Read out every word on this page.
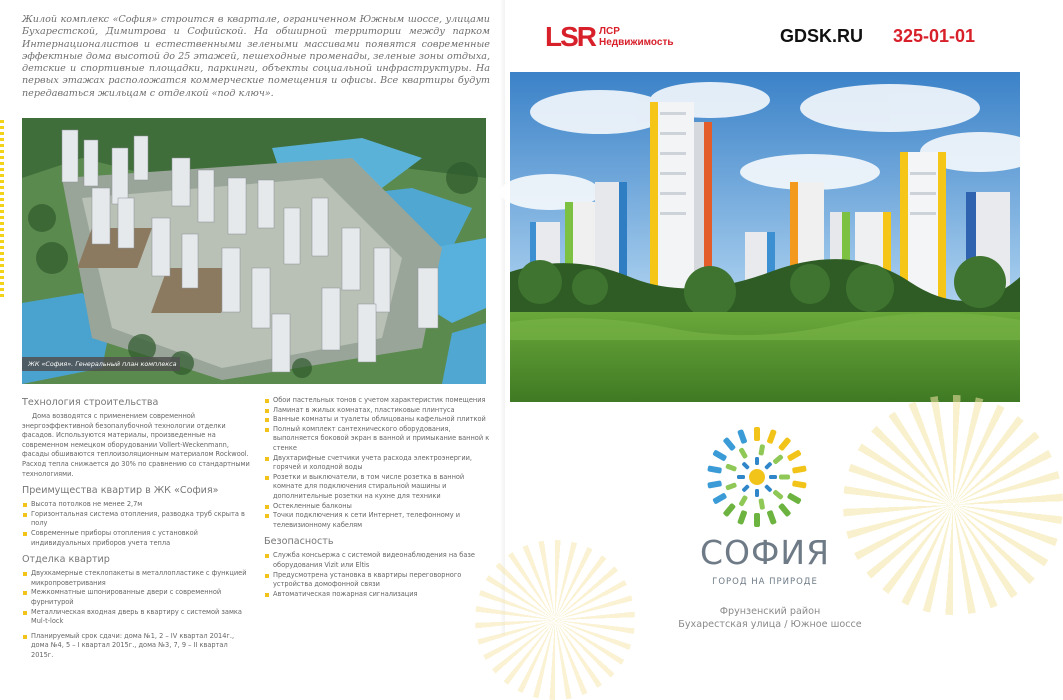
Жилой комплекс «София» строится в квартале, ограниченном Южным шоссе, улицами Бухарестской, Димитрова и Софийской. На обширной территории между парком Интернационалистов и естественными зелеными массивами появятся современные эффектные дома высотой до 25 этажей, пешеходные променады, зеленые зоны отдыха, детские и спортивные площадки, паркинги, объекты социальной инфраструктуры. На первых этажах расположатся коммерческие помещения и офисы. Все квартиры будут передаваться жильцам с отделкой «под ключ».

ЖК «София». Генеральный план комплекса
Технология строительства

Дома возводятся с применением современной энергоэффективной безопалубочной технологии отделки фасадов. Используются материалы, произведенные на современном немецком оборудовании Vollert-Weckenmann, фасады обшиваются теплоизоляционным материалом Rockwool. Расход тепла снижается до 30% по сравнению со стандартными технологиями.

Преимущества квартир в ЖК «София»
Высота потолков не менее 2,7м
Горизонтальная система отопления, разводка труб скрыта в полу
Современные приборы отопления с установкой индивидуальных приборов учета тепла
Отделка квартир
Двухкамерные стеклопакеты в металлопластике с функцией микропроветривания
Межкомнатные шпонированные двери с современной фурнитурой
Металлическая входная дверь в квартиру с системой замка Mul-t-lock
Планируемый срок сдачи: дома №1, 2 – IV квартал 2014г., дома №4, 5 – I квартал 2015г., дома №3, 7, 9 – II квартал 2015г.
Обои пастельных тонов с учетом характеристик помещения
Ламинат в жилых комнатах, пластиковые плинтуса
Ванные комнаты и туалеты облицованы кафельной плиткой
Полный комплект сантехнического оборудования, выполняется боковой экран в ванной и примыкание ванной к стенке
Двухтарифные счетчики учета расхода электроэнергии, горячей и холодной воды
Розетки и выключатели, в том числе розетка в ванной комнате для подключения стиральной машины и дополнительные розетки на кухне для техники
Остекленные балконы
Точки подключения к сети Интернет, телефонному и телевизионному кабелям
Безопасность
Служба консьержа с системой видеонаблюдения на базе оборудования Vizit или Eltis
Предусмотрена установка в квартиры переговорного устройства домофонной связи
Автоматическая пожарная сигнализация
LSR ЛСР
Недвижимость	GDSK.RU 325-01-01
СОФИЯ
ГОРОД НА ПРИРОДЕ
Фрунзенский район
Бухарестская улица / Южное шоссе
